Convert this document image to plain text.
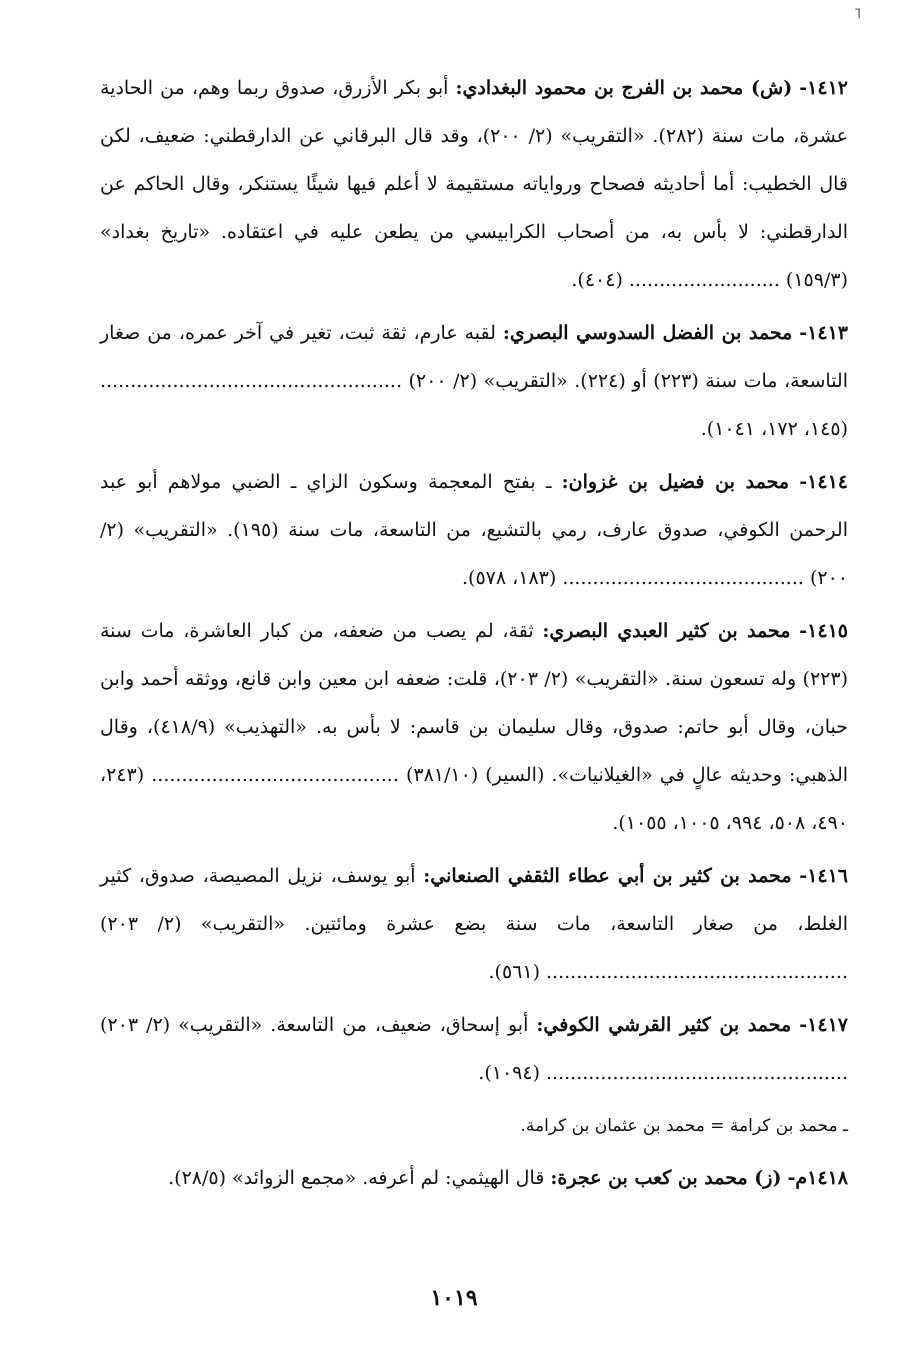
⌐

١٤١٢- (ش) محمد بن الفرج بن محمود البغدادي: أبو بكر الأزرق، صدوق ربما وهم، من الحادية عشرة، مات سنة (٢٨٢). «التقريب» (٢/ ٢٠٠)، وقد قال البرقاني عن الدارقطني: ضعيف، لكن قال الخطيب: أما أحاديثه فصحاح ورواياته مستقيمة لا أعلم فيها شيئًا يستنكر، وقال الحاكم عن الدارقطني: لا بأس به، من أصحاب الكرابيسي من يطعن عليه في اعتقاده. «تاريخ بغداد» (١٥٩/٣) ......................... (٤٠٤).

١٤١٣- محمد بن الفضل السدوسي البصري: لقبه عارم، ثقة ثبت، تغير في آخر عمره، من صغار التاسعة، مات سنة (٢٢٣) أو (٢٢٤). «التقريب» (٢/ ٢٠٠) .................................................. (١٤٥، ١٧٢، ١٠٤١).

١٤١٤- محمد بن فضيل بن غزوان: ـ بفتح المعجمة وسكون الزاي ـ الضبي مولاهم أبو عبد الرحمن الكوفي، صدوق عارف، رمي بالتشيع، من التاسعة، مات سنة (١٩٥). «التقريب» (٢/ ٢٠٠) ........................................ (١٨٣، ٥٧٨).

١٤١٥- محمد بن كثير العبدي البصري: ثقة، لم يصب من ضعفه، من كبار العاشرة، مات سنة (٢٢٣) وله تسعون سنة. «التقريب» (٢/ ٢٠٣)، قلت: ضعفه ابن معين وابن قانع، ووثقه أحمد وابن حبان، وقال أبو حاتم: صدوق، وقال سليمان بن قاسم: لا بأس به. «التهذيب» (٤١٨/٩)، وقال الذهبي: وحديثه عالٍ في «الغيلانيات». (السير) (٣٨١/١٠) ......................................... (٢٤٣، ٤٩٠، ٥٠٨، ٩٩٤، ١٠٠٥، ١٠٥٥).

١٤١٦- محمد بن كثير بن أبي عطاء الثقفي الصنعاني: أبو يوسف، نزيل المصيصة، صدوق، كثير الغلط، من صغار التاسعة، مات سنة بضع عشرة ومائتين. «التقريب» (٢/ ٢٠٣) .................................................. (٥٦١).

١٤١٧- محمد بن كثير القرشي الكوفي: أبو إسحاق، ضعيف، من التاسعة. «التقريب» (٢/ ٢٠٣) .................................................. (١٠٩٤).

ـ محمد بن كرامة = محمد بن عثمان بن كرامة.

١٤١٨م- (ز) محمد بن كعب بن عجرة: قال الهيثمي: لم أعرفه. «مجمع الزوائد» (٢٨/٥).

١٠١٩
